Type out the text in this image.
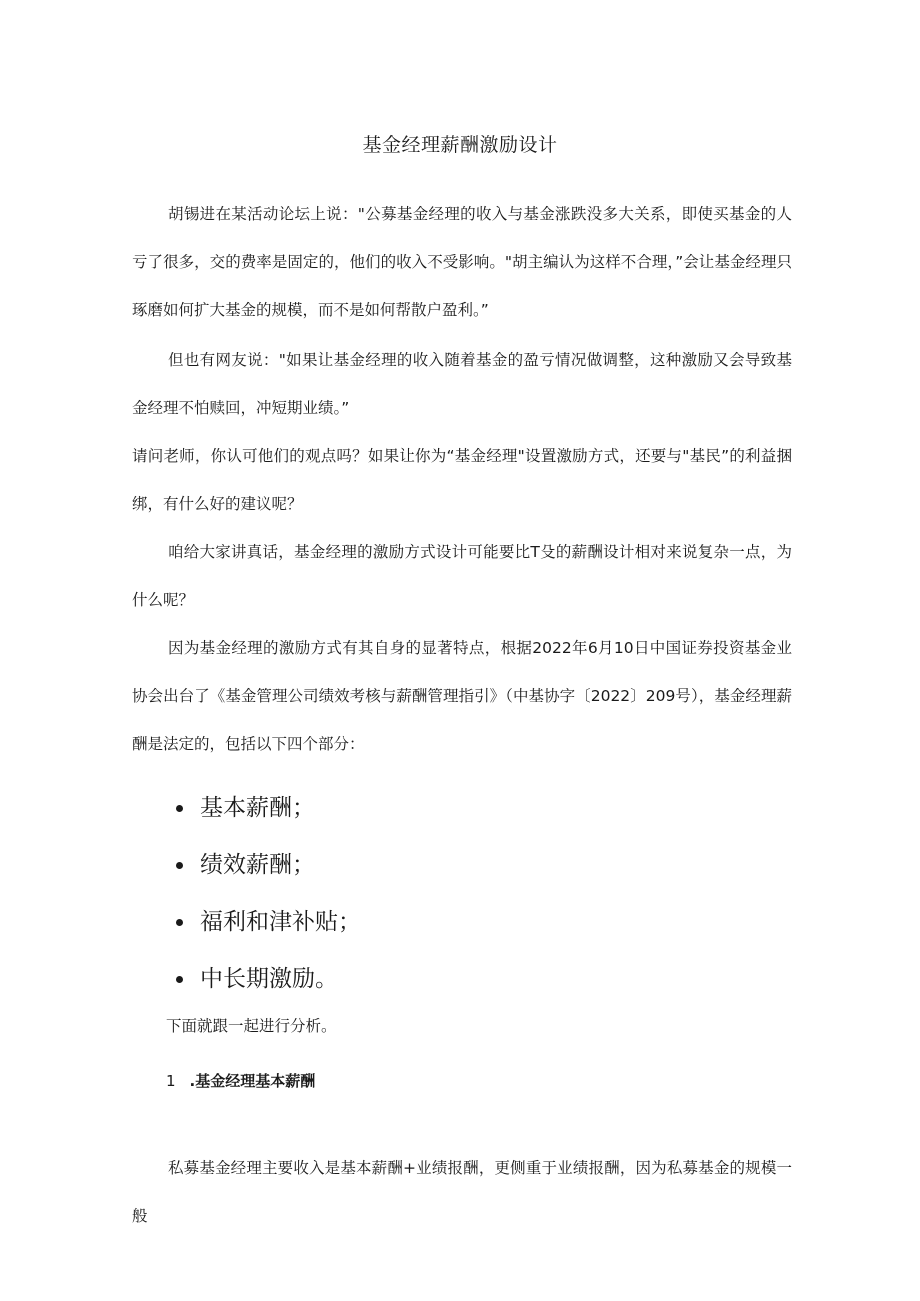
基金经理薪酬激励设计
胡锡进在某活动论坛上说："公募基金经理的收入与基金涨跌没多大关系，即使买基金的人亏了很多，交的费率是固定的，他们的收入不受影响。"胡主编认为这样不合理，”会让基金经理只琢磨如何扩大基金的规模，而不是如何帮散户盈利。”
但也有网友说："如果让基金经理的收入随着基金的盈亏情况做调整，这种激励又会导致基金经理不怕赎回，冲短期业绩。”
请问老师，你认可他们的观点吗？如果让你为“基金经理"设置激励方式，还要与"基民”的利益捆绑，有什么好的建议呢？
咱给大家讲真话，基金经理的激励方式设计可能要比T殳的薪酬设计相对来说复杂一点，为什么呢？
因为基金经理的激励方式有其自身的显著特点，根据2022年6月10日中国证券投资基金业协会出台了《基金管理公司绩效考核与薪酬管理指引》（中基协字〔2022〕209号），基金经理薪酬是法定的，包括以下四个部分：
基本薪酬；
绩效薪酬；
福利和津补贴；
中长期激励。
下面就跟一起进行分析。
1 .基金经理基本薪酬
私募基金经理主要收入是基本薪酬+业绩报酬，更侧重于业绩报酬，因为私募基金的规模一般
